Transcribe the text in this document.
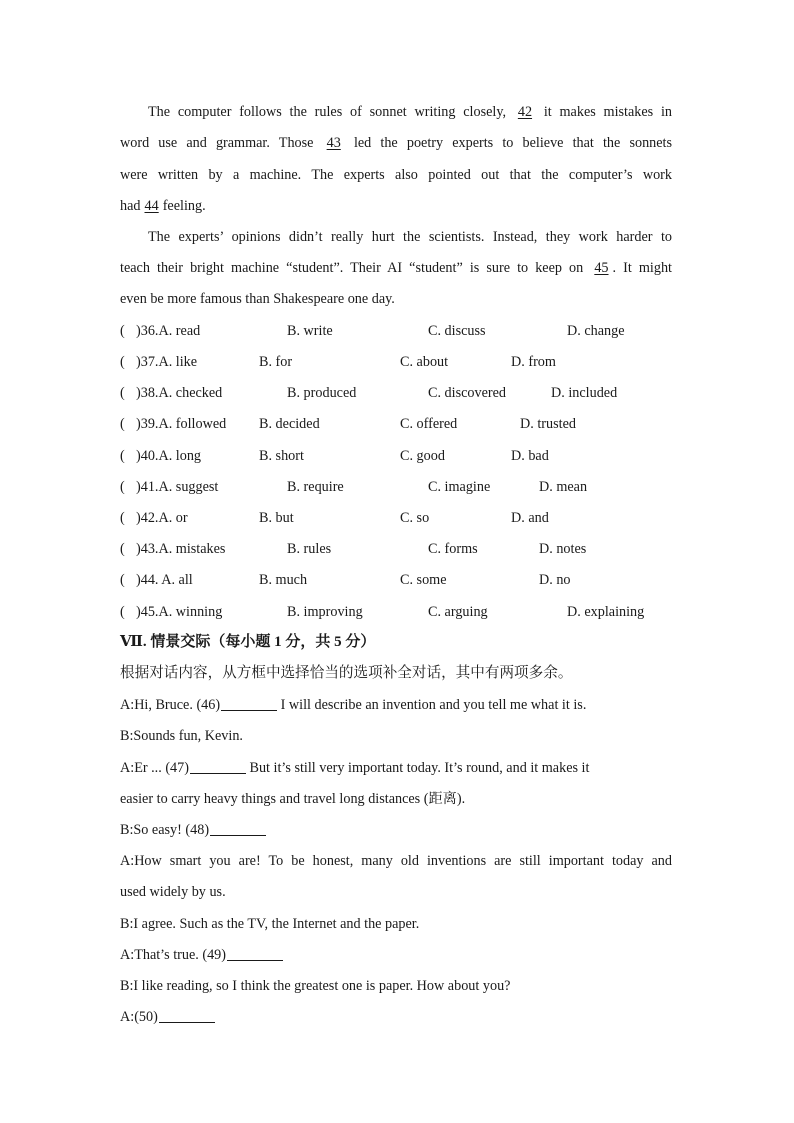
The computer follows the rules of sonnet writing closely, 42 it makes mistakes in
word use and grammar. Those 43 led the poetry experts to believe that the sonnets
were written by a machine. The experts also pointed out that the computer’s work
had 44 feeling.
The experts’ opinions didn’t really hurt the scientists. Instead, they work harder to
teach their bright machine “student”. Their AI “student” is sure to keep on 45 . It might
even be more famous than Shakespeare one day.
( )36.A. read	B. write	C. discuss	D. change
( )37.A. like	B. for	C. about	D. from
( )38.A. checked	B. produced	C. discovered	D. included
( )39.A. followed B. decided	C. offered	D. trusted
( )40.A. long	B. short	C. good	D. bad
( )41.A. suggest	B. require	C. imagine	D. mean
( )42.A. or	B. but	C. so	D. and
( )43.A. mistakes	B. rules	C. forms	D. notes
( )44. A. all	B. much	C. some	D. no
( )45.A. winning	B. improving	C. arguing	D. explaining
Ⅶ. 情景交际（每小题 1 分，共 5 分）
根据对话内容，从方框中选择恰当的选项补全对话，其中有两项多余。
A:Hi, Bruce. (46)	I will describe an invention and you tell me what it is.
B:Sounds fun, Kevin.
A:Er ... (47)	But it’s still very important today. It’s round, and it makes it
easier to carry heavy things and travel long distances (距离).
B:So easy! (48)
A:How smart you are! To be honest, many old inventions are still important today and
used widely by us.
B:I agree. Such as the TV, the Internet and the paper.
A:That’s true. (49)
B:I like reading, so I think the greatest one is paper. How about you?
A:(50)
